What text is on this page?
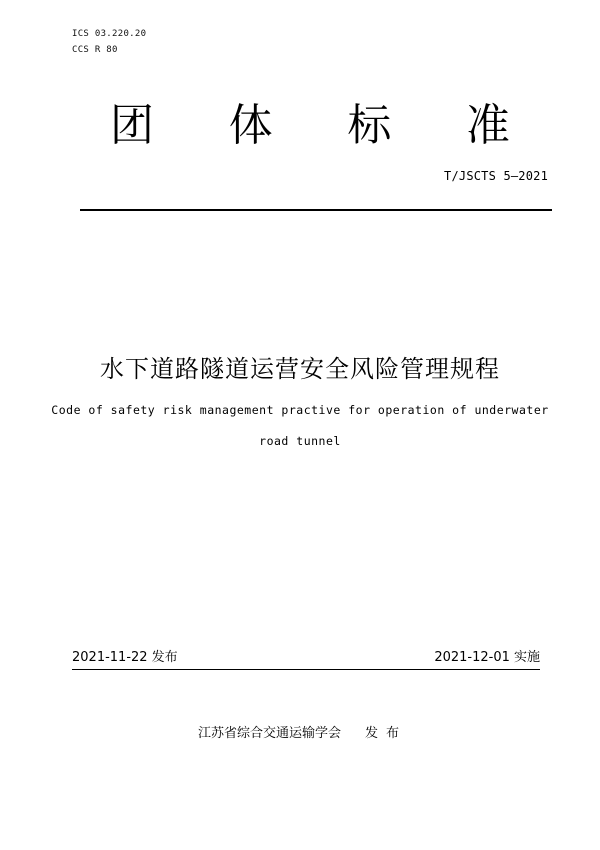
ICS 03.220.20
CCS R 80
团 体 标 准
T/JSCTS 5—2021
水下道路隧道运营安全风险管理规程
Code of safety risk management practive for operation of underwater
road tunnel
2021-11-22 发布	2021-12-01 实施
江苏省综合交通运输学会 发布
